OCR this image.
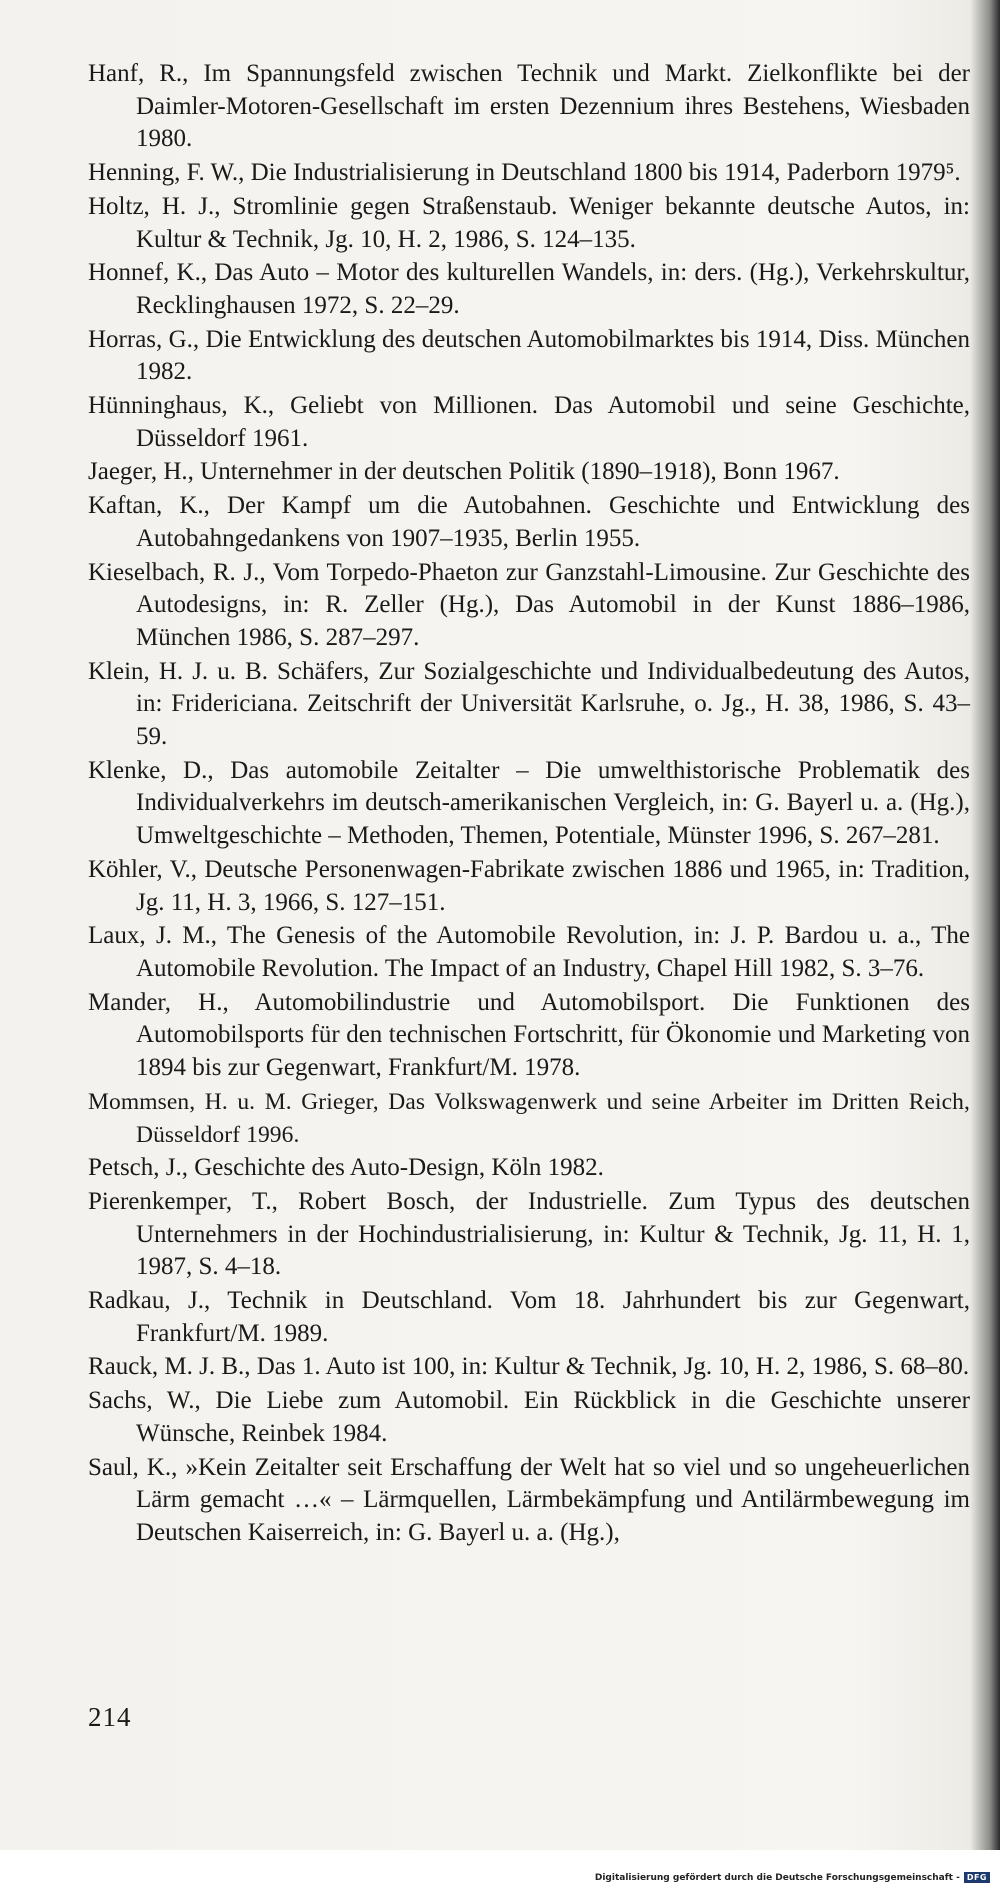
Hanf, R., Im Spannungsfeld zwischen Technik und Markt. Zielkonflikte bei der Daimler-Motoren-Gesellschaft im ersten Dezennium ihres Bestehens, Wiesbaden 1980.
Henning, F. W., Die Industrialisierung in Deutschland 1800 bis 1914, Paderborn 1979⁵.
Holtz, H. J., Stromlinie gegen Straßenstaub. Weniger bekannte deutsche Autos, in: Kultur & Technik, Jg. 10, H. 2, 1986, S. 124–135.
Honnef, K., Das Auto – Motor des kulturellen Wandels, in: ders. (Hg.), Verkehrskultur, Recklinghausen 1972, S. 22–29.
Horras, G., Die Entwicklung des deutschen Automobilmarktes bis 1914, Diss. München 1982.
Hünninghaus, K., Geliebt von Millionen. Das Automobil und seine Geschichte, Düsseldorf 1961.
Jaeger, H., Unternehmer in der deutschen Politik (1890–1918), Bonn 1967.
Kaftan, K., Der Kampf um die Autobahnen. Geschichte und Entwicklung des Autobahngedankens von 1907–1935, Berlin 1955.
Kieselbach, R. J., Vom Torpedo-Phaeton zur Ganzstahl-Limousine. Zur Geschichte des Autodesigns, in: R. Zeller (Hg.), Das Automobil in der Kunst 1886–1986, München 1986, S. 287–297.
Klein, H. J. u. B. Schäfers, Zur Sozialgeschichte und Individualbedeutung des Autos, in: Fridericiana. Zeitschrift der Universität Karlsruhe, o. Jg., H. 38, 1986, S. 43–59.
Klenke, D., Das automobile Zeitalter – Die umwelthistorische Problematik des Individualverkehrs im deutsch-amerikanischen Vergleich, in: G. Bayerl u. a. (Hg.), Umweltgeschichte – Methoden, Themen, Potentiale, Münster 1996, S. 267–281.
Köhler, V., Deutsche Personenwagen-Fabrikate zwischen 1886 und 1965, in: Tradition, Jg. 11, H. 3, 1966, S. 127–151.
Laux, J. M., The Genesis of the Automobile Revolution, in: J. P. Bardou u. a., The Automobile Revolution. The Impact of an Industry, Chapel Hill 1982, S. 3–76.
Mander, H., Automobilindustrie und Automobilsport. Die Funktionen des Automobilsports für den technischen Fortschritt, für Ökonomie und Marketing von 1894 bis zur Gegenwart, Frankfurt/M. 1978.
Mommsen, H. u. M. Grieger, Das Volkswagenwerk und seine Arbeiter im Dritten Reich, Düsseldorf 1996.
Petsch, J., Geschichte des Auto-Design, Köln 1982.
Pierenkemper, T., Robert Bosch, der Industrielle. Zum Typus des deutschen Unternehmers in der Hochindustrialisierung, in: Kultur & Technik, Jg. 11, H. 1, 1987, S. 4–18.
Radkau, J., Technik in Deutschland. Vom 18. Jahrhundert bis zur Gegenwart, Frankfurt/M. 1989.
Rauck, M. J. B., Das 1. Auto ist 100, in: Kultur & Technik, Jg. 10, H. 2, 1986, S. 68–80.
Sachs, W., Die Liebe zum Automobil. Ein Rückblick in die Geschichte unserer Wünsche, Reinbek 1984.
Saul, K., »Kein Zeitalter seit Erschaffung der Welt hat so viel und so ungeheuerlichen Lärm gemacht …« – Lärmquellen, Lärmbekämpfung und Antilärmbewegung im Deutschen Kaiserreich, in: G. Bayerl u. a. (Hg.),
214
Digitalisierung gefördert durch die Deutsche Forschungsgemeinschaft - DFG
